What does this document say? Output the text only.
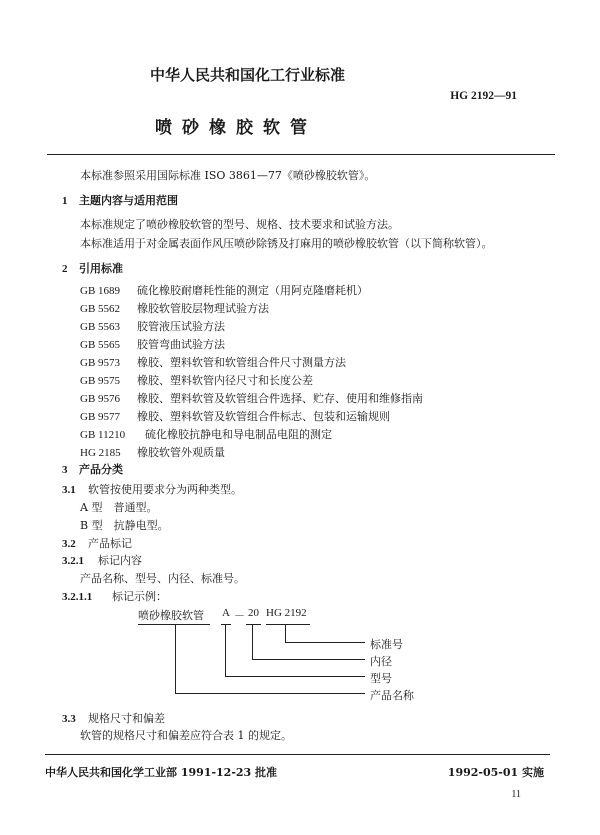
中华人民共和国化工行业标准
HG 2192—91
喷砂橡胶软管
本标准参照采用国际标准 ISO 3861—77《喷砂橡胶软管》。
1 主题内容与适用范围
本标准规定了喷砂橡胶软管的型号、规格、技术要求和试验方法。
本标准适用于对金属表面作风压喷砂除锈及打麻用的喷砂橡胶软管（以下简称软管）。
2 引用标准
GB 1689 硫化橡胶耐磨耗性能的测定（用阿克隆磨耗机）
GB 5562 橡胶软管胶层物理试验方法
GB 5563 胶管液压试验方法
GB 5565 胶管弯曲试验方法
GB 9573 橡胶、塑料软管和软管组合件尺寸测量方法
GB 9575 橡胶、塑料软管内径尺寸和长度公差
GB 9576 橡胶、塑料软管及软管组合件选择、贮存、使用和维修指南
GB 9577 橡胶、塑料软管及软管组合件标志、包装和运输规则
GB 11210 硫化橡胶抗静电和导电制品电阻的测定
HG 2185 橡胶软管外观质量
3 产品分类
3.1 软管按使用要求分为两种类型。
A 型　普通型。
B 型　抗静电型。
3.2 产品标记
3.2.1 标记内容
产品名称、型号、内径、标准号。
3.2.1.1 标记示例：
喷砂橡胶软管 A － 20 HG 2192
标准号
内径
型号
产品名称
3.3 规格尺寸和偏差
软管的规格尺寸和偏差应符合表 1 的规定。
中华人民共和国化学工业部 1991-12-23 批准	1992-05-01 实施
11
